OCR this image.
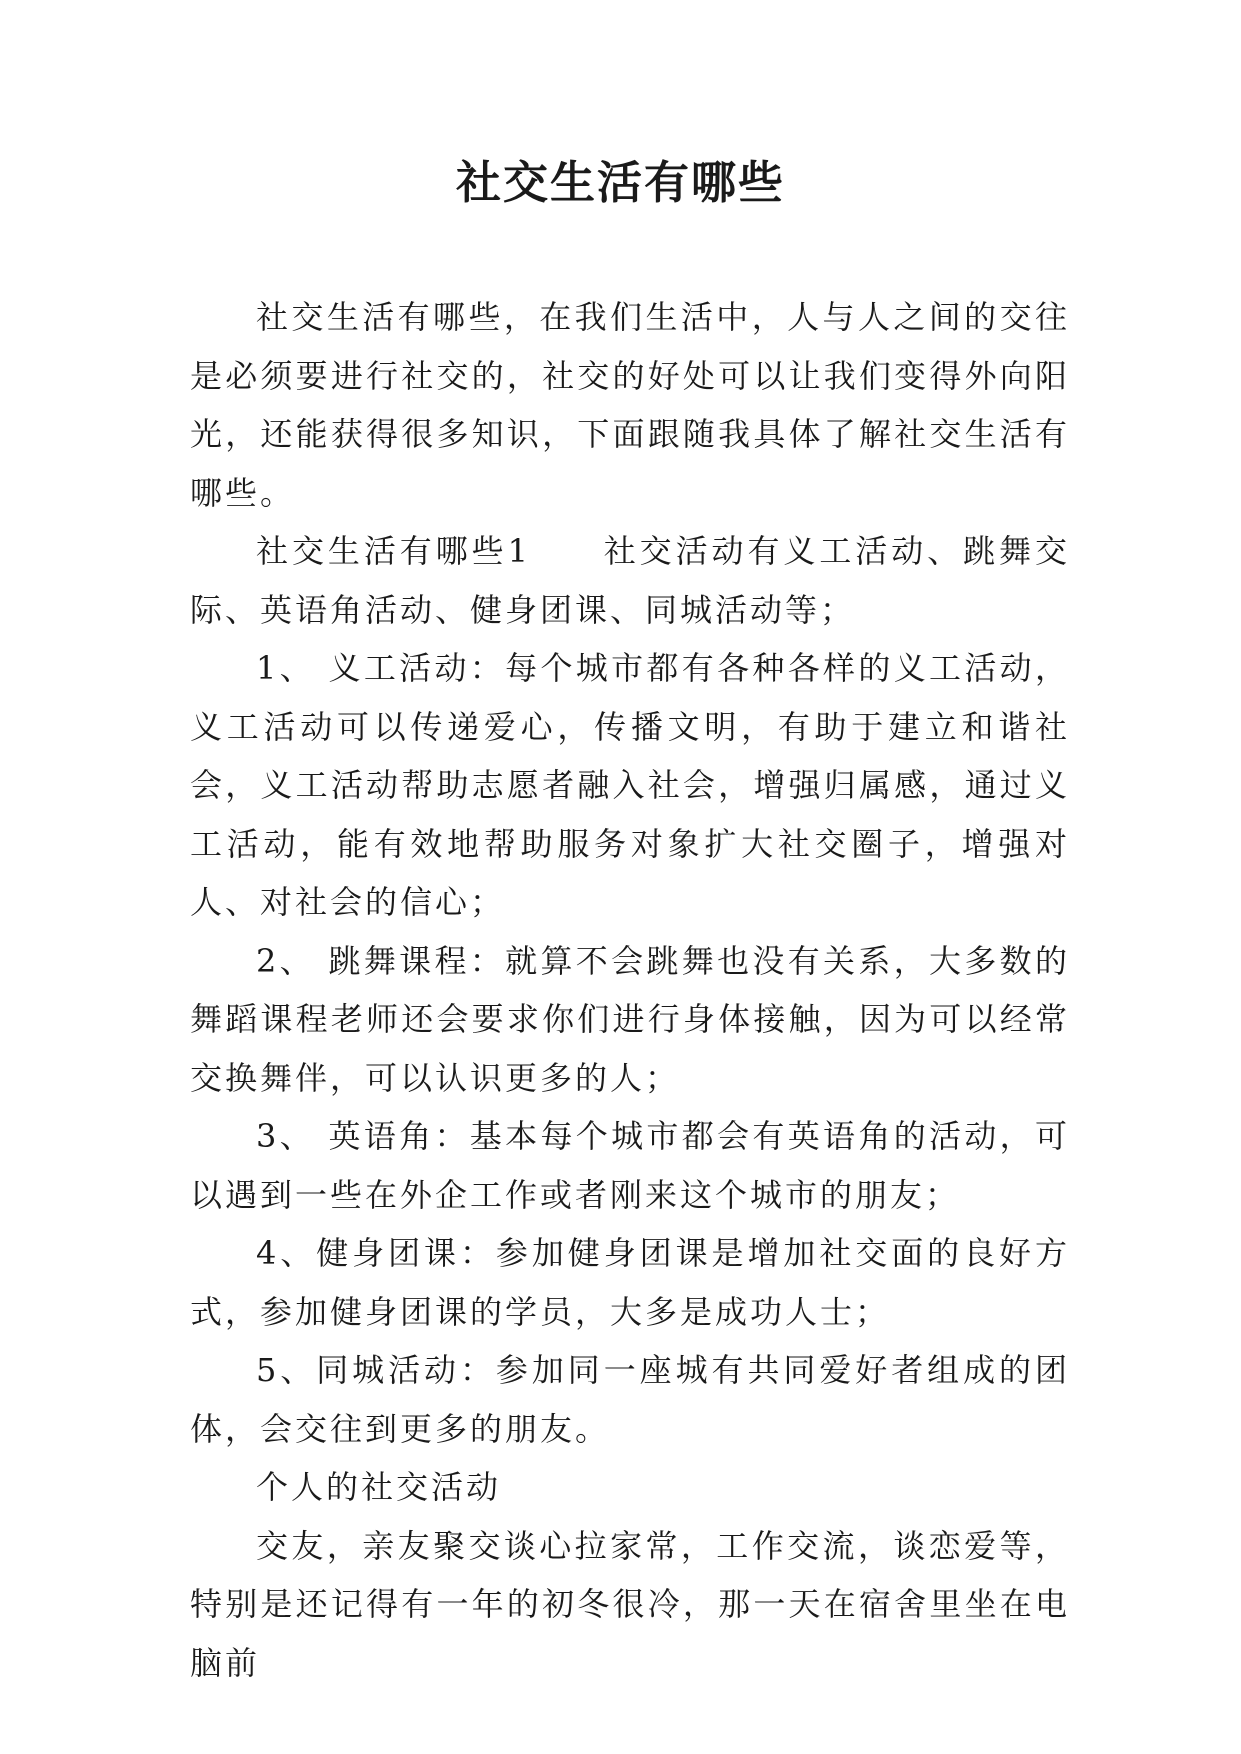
社交生活有哪些

社交生活有哪些，在我们生活中，人与人之间的交往是必须要进行社交的，社交的好处可以让我们变得外向阳光，还能获得很多知识，下面跟随我具体了解社交生活有哪些。

社交生活有哪些1　　社交活动有义工活动、跳舞交际、英语角活动、健身团课、同城活动等；

1、 义工活动：每个城市都有各种各样的义工活动，义工活动可以传递爱心，传播文明，有助于建立和谐社会，义工活动帮助志愿者融入社会，增强归属感，通过义工活动，能有效地帮助服务对象扩大社交圈子，增强对人、对社会的信心；

2、 跳舞课程：就算不会跳舞也没有关系，大多数的舞蹈课程老师还会要求你们进行身体接触，因为可以经常交换舞伴，可以认识更多的人；

3、 英语角：基本每个城市都会有英语角的活动，可以遇到一些在外企工作或者刚来这个城市的朋友；

4、健身团课：参加健身团课是增加社交面的良好方式，参加健身团课的学员，大多是成功人士；

5、同城活动：参加同一座城有共同爱好者组成的团体，会交往到更多的朋友。

个人的社交活动

交友，亲友聚交谈心拉家常，工作交流，谈恋爱等，特别是还记得有一年的初冬很冷，那一天在宿舍里坐在电脑前
